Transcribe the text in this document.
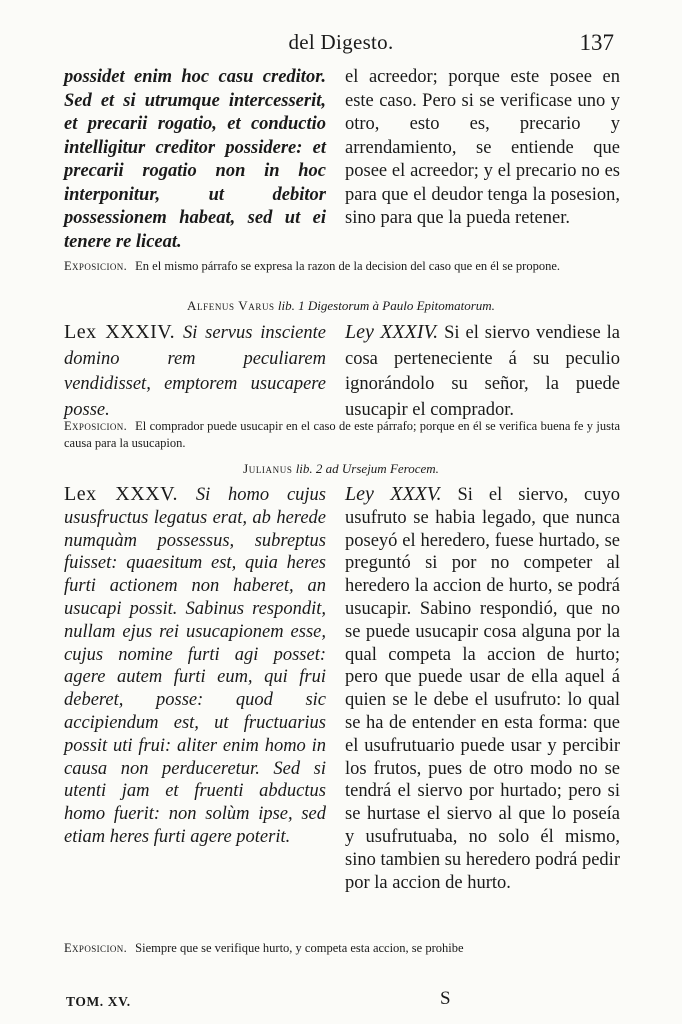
del Digesto.	137
possidet enim hoc casu creditor. Sed et si utrumque intercesserit, et precarii rogatio, et conductio intelligitur creditor possidere: et precarii rogatio non in hoc interponitur, ut debitor possessionem habeat, sed ut ei tenere re liceat.
el acreedor; porque este posee en este caso. Pero si se verificase uno y otro, esto es, precario y arrendamiento, se entiende que posee el acreedor; y el precario no es para que el deudor tenga la posesion, sino para que la pueda retener.
Exposicion. En el mismo párrafo se expresa la razon de la decision del caso que en él se propone.
Alfenus Varus lib. 1 Digestorum à Paulo Epitomatorum.
Lex XXXIV. Si servus insciente domino rem peculiarem vendidisset, emptorem usucapere posse.
Ley XXXIV. Si el siervo vendiese la cosa perteneciente á su peculio ignorándolo su señor, la puede usucapir el comprador.
Exposicion. El comprador puede usucapir en el caso de este párrafo; porque en él se verifica buena fe y justa causa para la usucapion.
Julianus lib. 2 ad Ursejum Ferocem.
Lex XXXV. Si homo cujus ususfructus legatus erat, ab herede numquàm possessus, subreptus fuisset: quaesitum est, quia heres furti actionem non haberet, an usucapi possit. Sabinus respondit, nullam ejus rei usucapionem esse, cujus nomine furti agi posset: agere autem furti eum, qui frui deberet, posse: quod sic accipiendum est, ut fructuarius possit uti frui: aliter enim homo in causa non perduceretur. Sed si utenti jam et fruenti abductus homo fuerit: non solùm ipse, sed etiam heres furti agere poterit.
Ley XXXV. Si el siervo, cuyo usufruto se habia legado, que nunca poseyó el heredero, fuese hurtado, se preguntó si por no competer al heredero la accion de hurto, se podrá usucapir. Sabino respondió, que no se puede usucapir cosa alguna por la qual competa la accion de hurto; pero que puede usar de ella aquel á quien se le debe el usufruto: lo qual se ha de entender en esta forma: que el usufrutuario puede usar y percibir los frutos, pues de otro modo no se tendrá el siervo por hurtado; pero si se hurtase el siervo al que lo poseía y usufrutuaba, no solo él mismo, sino tambien su heredero podrá pedir por la accion de hurto.
Exposicion. Siempre que se verifique hurto, y competa esta accion, se prohibe
TOM. XV.	S
